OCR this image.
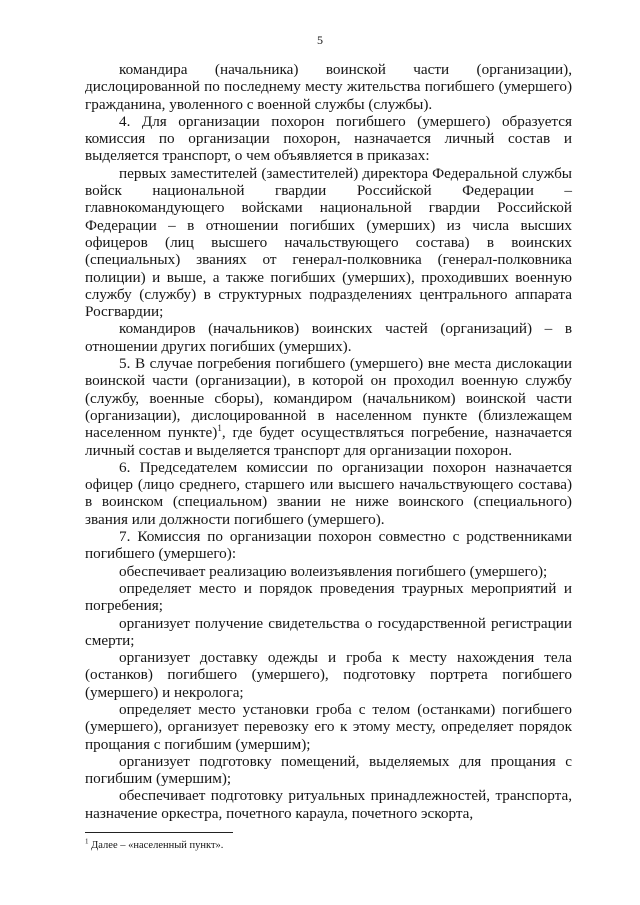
5

командира (начальника) воинской части (организации), дислоцированной по последнему месту жительства погибшего (умершего) гражданина, уволенного с военной службы (службы).

4. Для организации похорон погибшего (умершего) образуется комиссия по организации похорон, назначается личный состав и выделяется транспорт, о чем объявляется в приказах:

первых заместителей (заместителей) директора Федеральной службы войск национальной гвардии Российской Федерации – главнокомандующего войсками национальной гвардии Российской Федерации – в отношении погибших (умерших) из числа высших офицеров (лиц высшего начальствующего состава) в воинских (специальных) званиях от генерал-полковника (генерал-полковника полиции) и выше, а также погибших (умерших), проходивших военную службу (службу) в структурных подразделениях центрального аппарата Росгвардии;

командиров (начальников) воинских частей (организаций) – в отношении других погибших (умерших).

5. В случае погребения погибшего (умершего) вне места дислокации воинской части (организации), в которой он проходил военную службу (службу, военные сборы), командиром (начальником) воинской части (организации), дислоцированной в населенном пункте (близлежащем населенном пункте)$^1$, где будет осуществляться погребение, назначается личный состав и выделяется транспорт для организации похорон.

6. Председателем комиссии по организации похорон назначается офицер (лицо среднего, старшего или высшего начальствующего состава) в воинском (специальном) звании не ниже воинского (специального) звания или должности погибшего (умершего).

7. Комиссия по организации похорон совместно с родственниками погибшего (умершего):

обеспечивает реализацию волеизъявления погибшего (умершего);

определяет место и порядок проведения траурных мероприятий и погребения;

организует получение свидетельства о государственной регистрации смерти;

организует доставку одежды и гроба к месту нахождения тела (останков) погибшего (умершего), подготовку портрета погибшего (умершего) и некролога;

определяет место установки гроба с телом (останками) погибшего (умершего), организует перевозку его к этому месту, определяет порядок прощания с погибшим (умершим);

организует подготовку помещений, выделяемых для прощания с погибшим (умершим);

обеспечивает подготовку ритуальных принадлежностей, транспорта, назначение оркестра, почетного караула, почетного эскорта,

$^1$ Далее – «населенный пункт».
